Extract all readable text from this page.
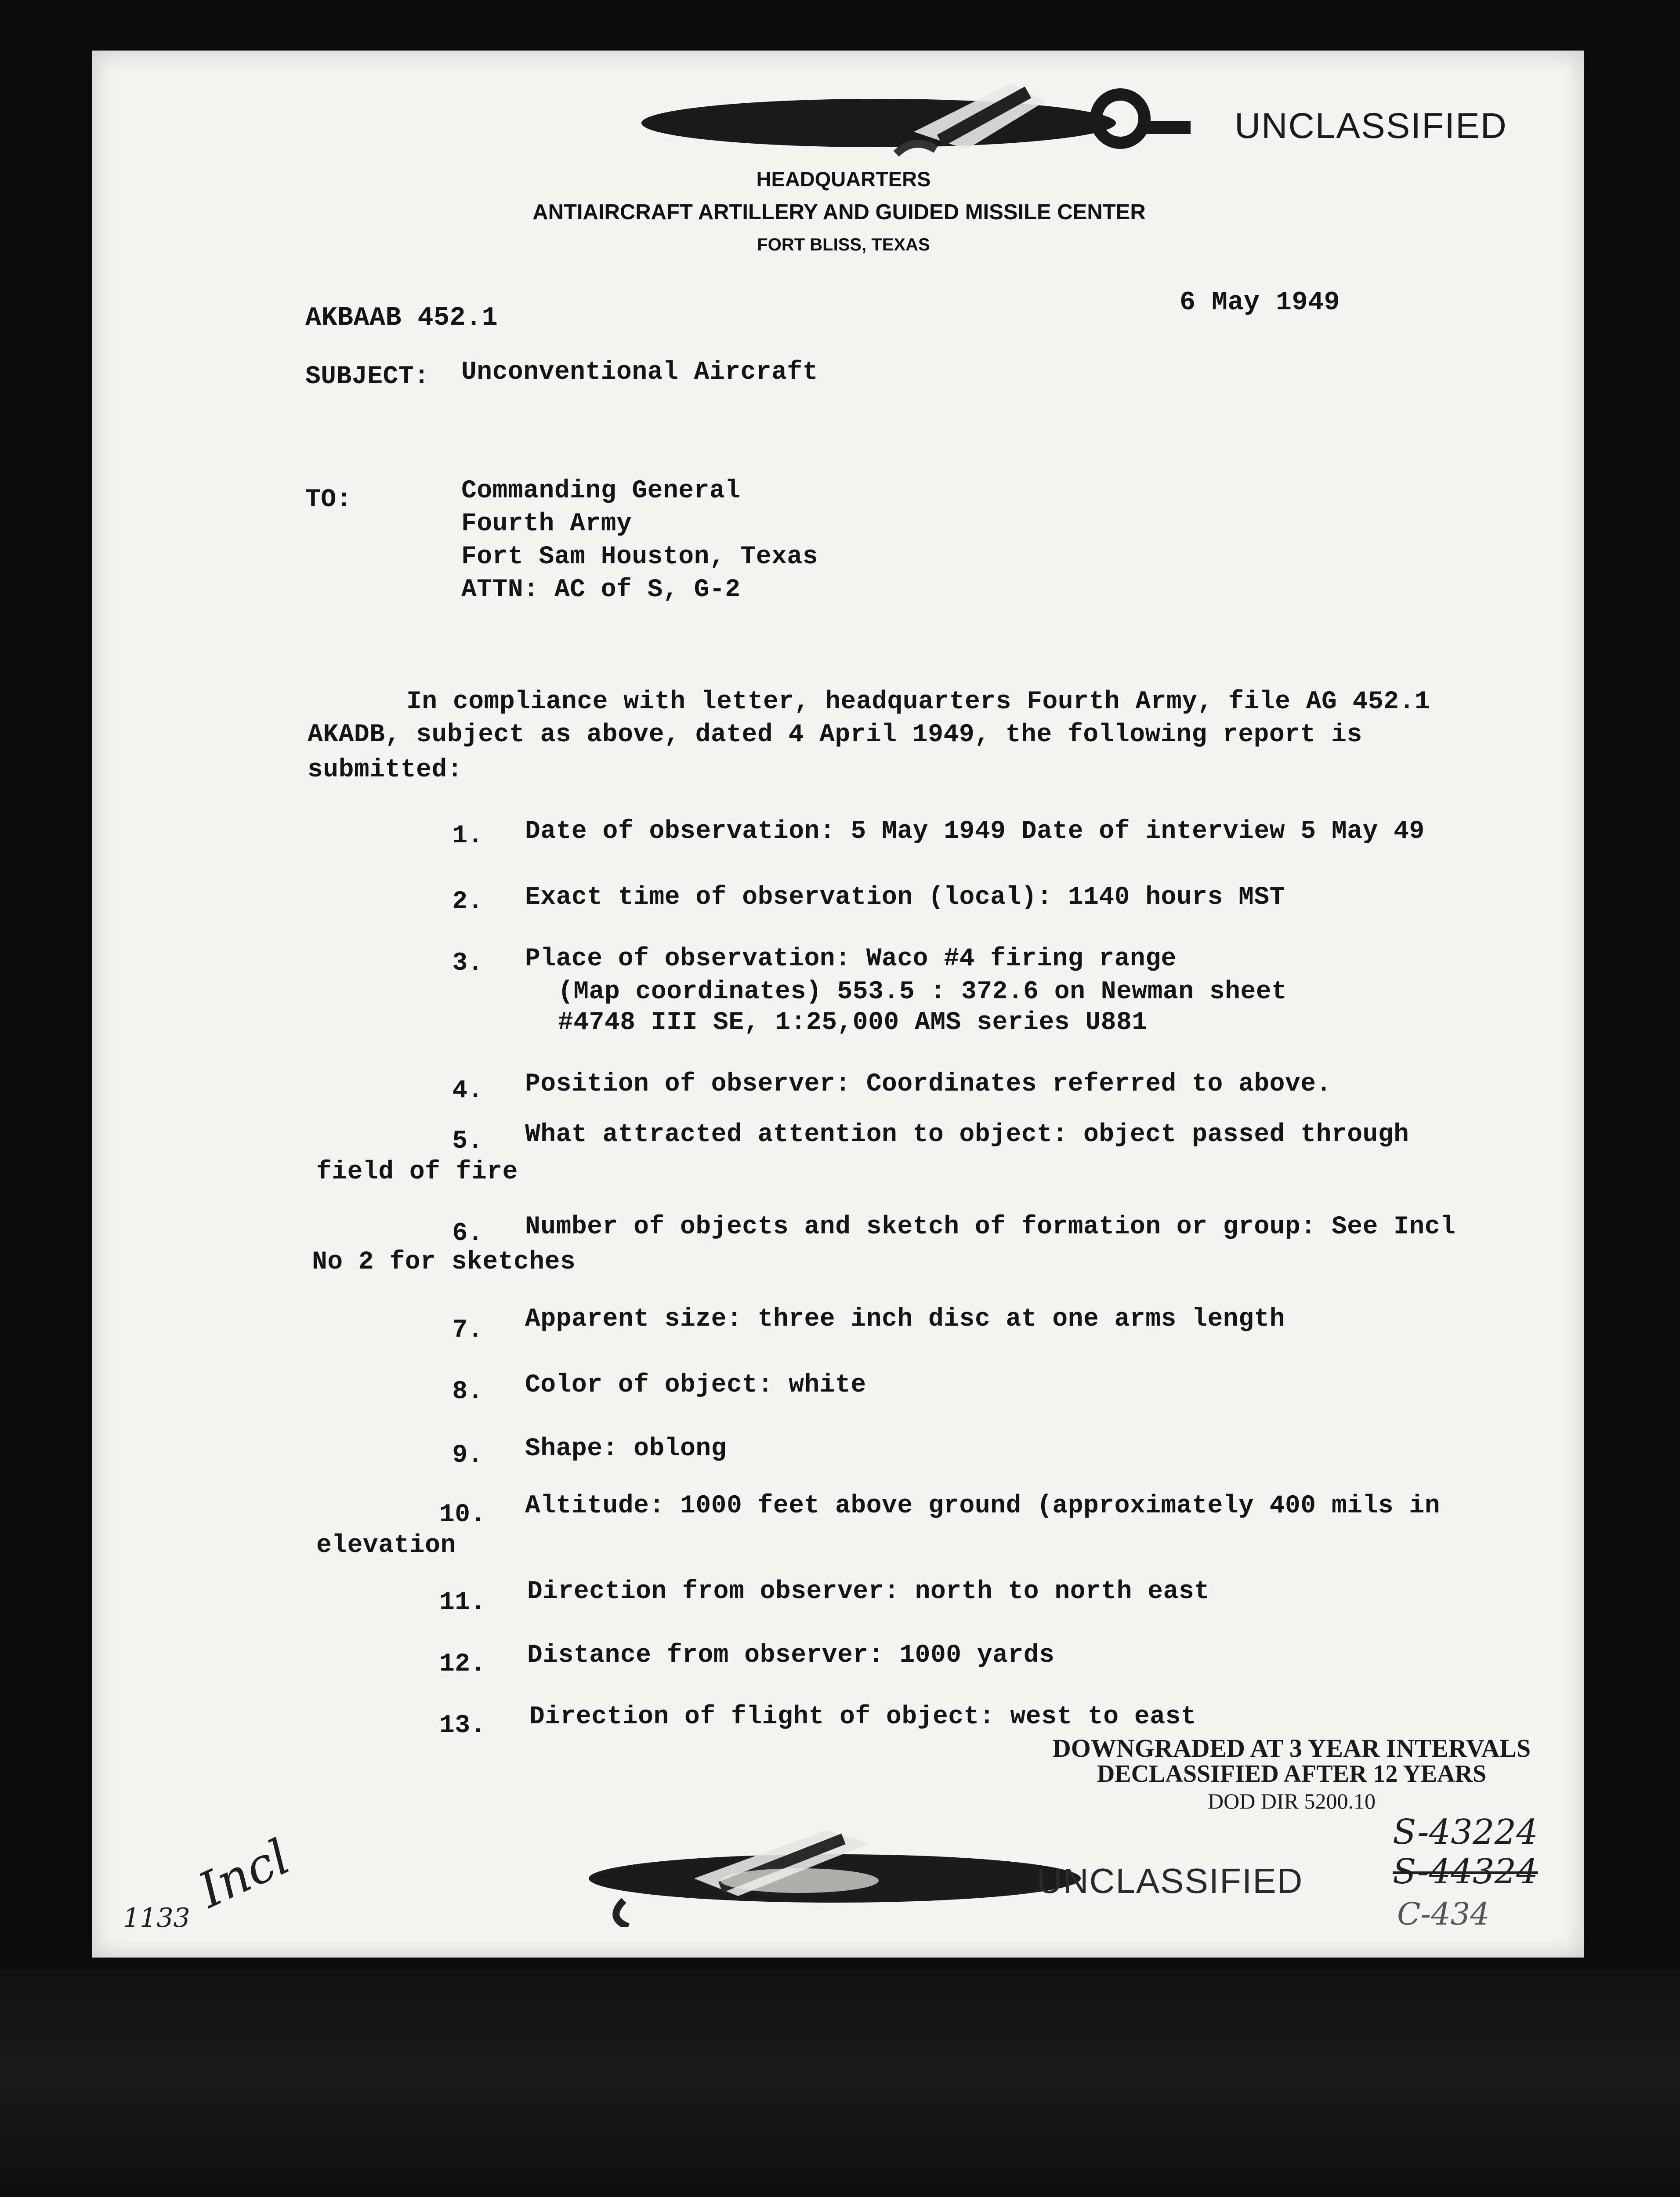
UNCLASSIFIED
HEADQUARTERS
ANTIAIRCRAFT ARTILLERY AND GUIDED MISSILE CENTER
FORT BLISS, TEXAS
AKBAAB 452.1
6 May 1949
SUBJECT: Unconventional Aircraft
TO:	Commanding General
Fourth Army
Fort Sam Houston, Texas
ATTN: AC of S, G-2
In compliance with letter, headquarters Fourth Army, file AG 452.1
AKADB, subject as above, dated 4 April 1949, the following report is
submitted:
1. Date of observation: 5 May 1949 Date of interview 5 May 49
2. Exact time of observation (local): 1140 hours MST
3. Place of observation: Waco #4 firing range
(Map coordinates) 553.5 : 372.6 on Newman sheet
#4748 III SE, 1:25,000 AMS series U881
4. Position of observer: Coordinates referred to above.
5. What attracted attention to object: object passed through
field of fire
6. Number of objects and sketch of formation or group: See Incl
No 2 for sketches
7. Apparent size: three inch disc at one arms length
8. Color of object: white
9. Shape: oblong
10. Altitude: 1000 feet above ground (approximately 400 mils in
elevation
11. Direction from observer: north to north east
12. Distance from observer: 1000 yards
13. Direction of flight of object: west to east
DOWNGRADED AT 3 YEAR INTERVALS
DECLASSIFIED AFTER 12 YEARS
DOD DIR 5200.10
UNCLASSIFIED
Incl
1133
S-43224
S-44324
C-434
